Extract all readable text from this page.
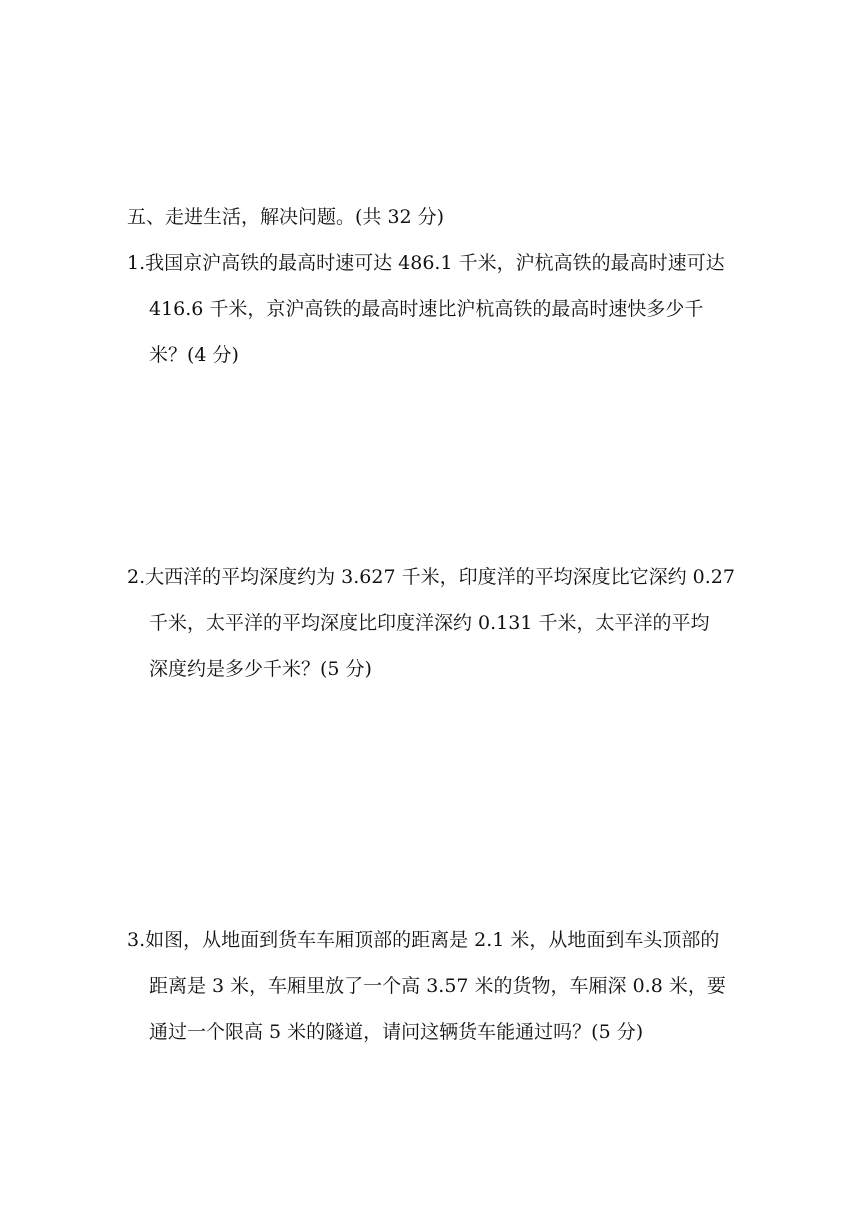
五、走进生活，解决问题。(共 32 分)
1.我国京沪高铁的最高时速可达 486.1 千米，沪杭高铁的最高时速可达
416.6 千米，京沪高铁的最高时速比沪杭高铁的最高时速快多少千
米？(4 分)
2.大西洋的平均深度约为 3.627 千米，印度洋的平均深度比它深约 0.27
千米，太平洋的平均深度比印度洋深约 0.131 千米，太平洋的平均
深度约是多少千米？(5 分)
3.如图，从地面到货车车厢顶部的距离是 2.1 米，从地面到车头顶部的
距离是 3 米，车厢里放了一个高 3.57 米的货物，车厢深 0.8 米，要
通过一个限高 5 米的隧道，请问这辆货车能通过吗？(5 分)
